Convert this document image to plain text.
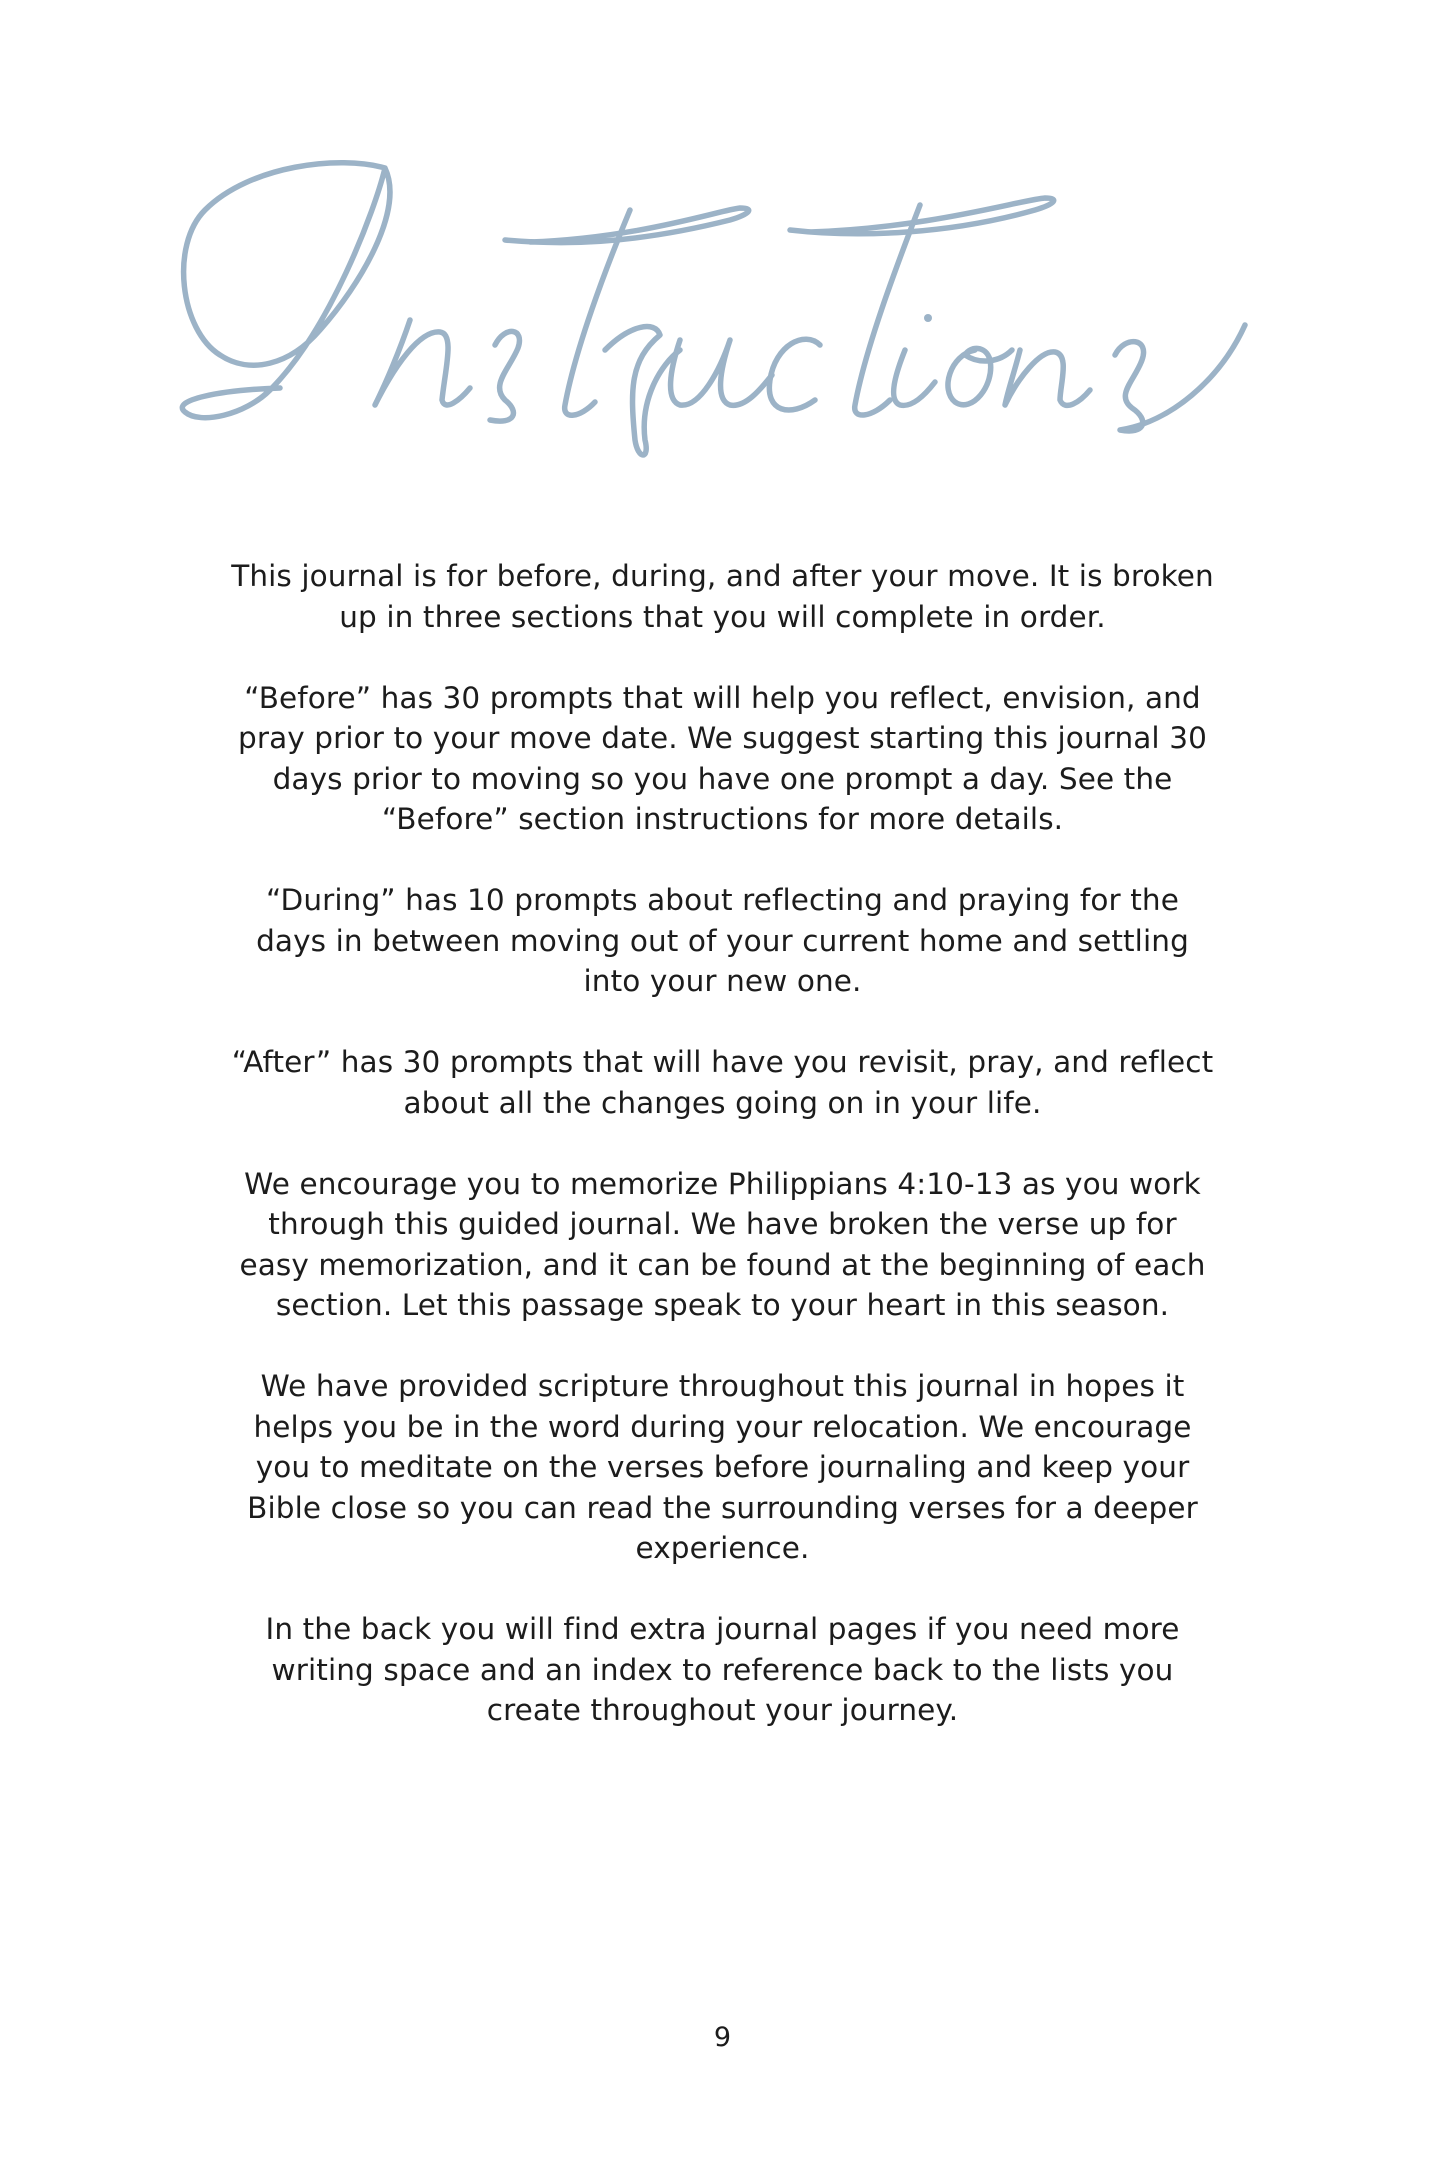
This journal is for before, during, and after your move. It is broken up in three sections that you will complete in order.

“Before” has 30 prompts that will help you reflect, envision, and pray prior to your move date. We suggest starting this journal 30 days prior to moving so you have one prompt a day. See the “Before” section instructions for more details.

“During” has 10 prompts about reflecting and praying for the days in between moving out of your current home and settling into your new one.

“After” has 30 prompts that will have you revisit, pray, and reflect about all the changes going on in your life.

We encourage you to memorize Philippians 4:10-13 as you work through this guided journal. We have broken the verse up for easy memorization, and it can be found at the beginning of each section. Let this passage speak to your heart in this season.

We have provided scripture throughout this journal in hopes it helps you be in the word during your relocation. We encourage you to meditate on the verses before journaling and keep your Bible close so you can read the surrounding verses for a deeper experience.

In the back you will find extra journal pages if you need more writing space and an index to reference back to the lists you create throughout your journey.

9
